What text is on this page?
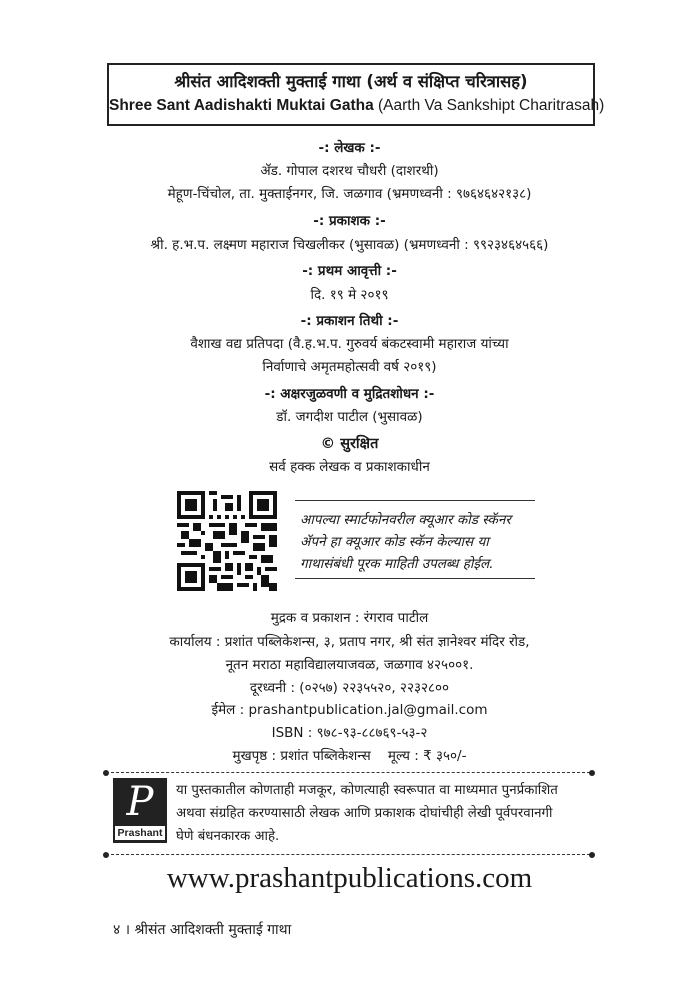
श्रीसंत आदिशक्ती मुक्ताई गाथा (अर्थ व संक्षिप्त चरित्रासह)
Shree Sant Aadishakti Muktai Gatha (Aarth Va Sankshipt Charitrasah)
-: लेखक :-
ॲड. गोपाल दशरथ चौधरी (दाशरथी)
मेहूण-चिंचोल, ता. मुक्ताईनगर, जि. जळगाव (भ्रमणध्वनी : ९७६४६४२१३८)
-: प्रकाशक :-
श्री. ह.भ.प. लक्ष्मण महाराज चिखलीकर (भुसावळ) (भ्रमणध्वनी : ९९२३४६४५६६)
-: प्रथम आवृत्ती :-
दि. १९ मे २०१९
-: प्रकाशन तिथी :-
वैशाख वद्य प्रतिपदा (वै.ह.भ.प. गुरुवर्य बंकटस्वामी महाराज यांच्या
निर्वाणाचे अमृतमहोत्सवी वर्ष २०१९)
-: अक्षरजुळवणी व मुद्रितशोधन :-
डॉ. जगदीश पाटील (भुसावळ)
© सुरक्षित
सर्व हक्क लेखक व प्रकाशकाधीन
आपल्या स्मार्टफोनवरील क्यूआर कोड स्कॅनर
ॲपने हा क्यूआर कोड स्कॅन केल्यास या
गाथासंबंधी पूरक माहिती उपलब्ध होईल.
मुद्रक व प्रकाशन : रंगराव पाटील
कार्यालय : प्रशांत पब्लिकेशन्स, ३, प्रताप नगर, श्री संत ज्ञानेश्वर मंदिर रोड,
नूतन मराठा महाविद्यालयाजवळ, जळगाव ४२५००१.
दूरध्वनी : (०२५७) २२३५५२०, २२३२८००
ईमेल : prashantpublication.jal@gmail.com
ISBN : ९७८-९३-८८७६९-५३-२
मुखपृष्ठ : प्रशांत पब्लिकेशन्स    मूल्य : ₹ ३५०/-
P
Prashant
या पुस्तकातील कोणताही मजकूर, कोणत्याही स्वरूपात वा माध्यमात पुनर्प्रकाशित
अथवा संग्रहित करण्यासाठी लेखक आणि प्रकाशक दोघांचीही लेखी पूर्वपरवानगी
घेणे बंधनकारक आहे.
www.prashantpublications.com
४ । श्रीसंत आदिशक्ती मुक्ताई गाथा
